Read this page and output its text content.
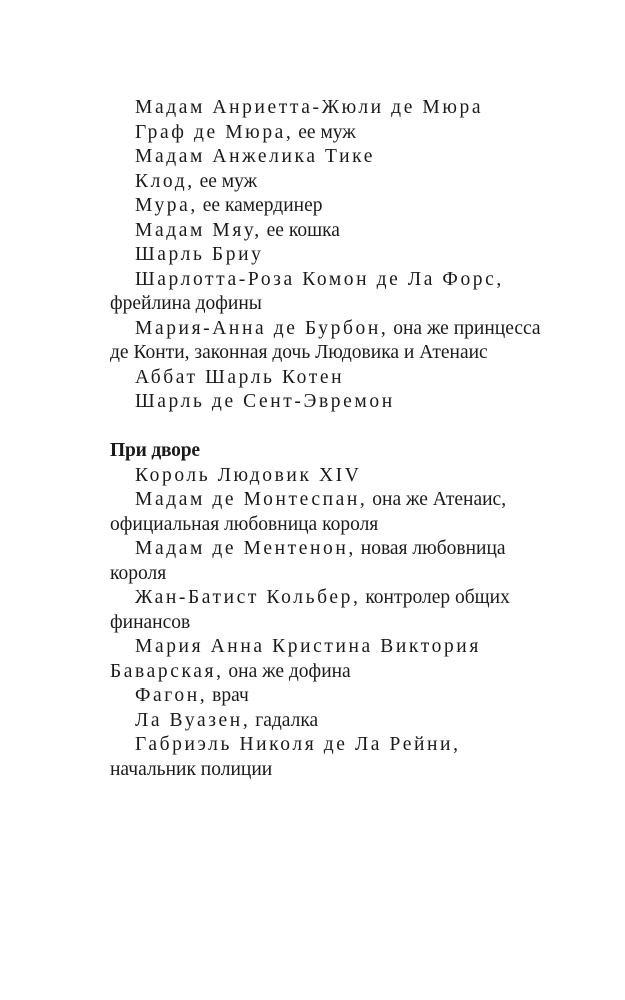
Мадам Анриетта-Жюли де Мюра

Граф де Мюра, ее муж

Мадам Анжелика Тике

Клод, ее муж

Мура, ее камердинер

Мадам Мяу, ее кошка

Шарль Бриу

Шарлотта-Роза Комон де Ла Форс, фрейлина дофины

Мария-Анна де Бурбон, она же принцесса де Конти, законная дочь Людовика и Атенаис

Аббат Шарль Котен

Шарль де Сент-Эвремон

При дворе

Король Людовик XIV

Мадам де Монтеспан, она же Атенаис, официальная любовница короля

Мадам де Ментенон, новая любовница короля

Жан-Батист Кольбер, контролер общих финансов

Мария Анна Кристина Виктория Баварская, она же дофина

Фагон, врач

Ла Вуазен, гадалка

Габриэль Николя де Ла Рейни, начальник полиции
